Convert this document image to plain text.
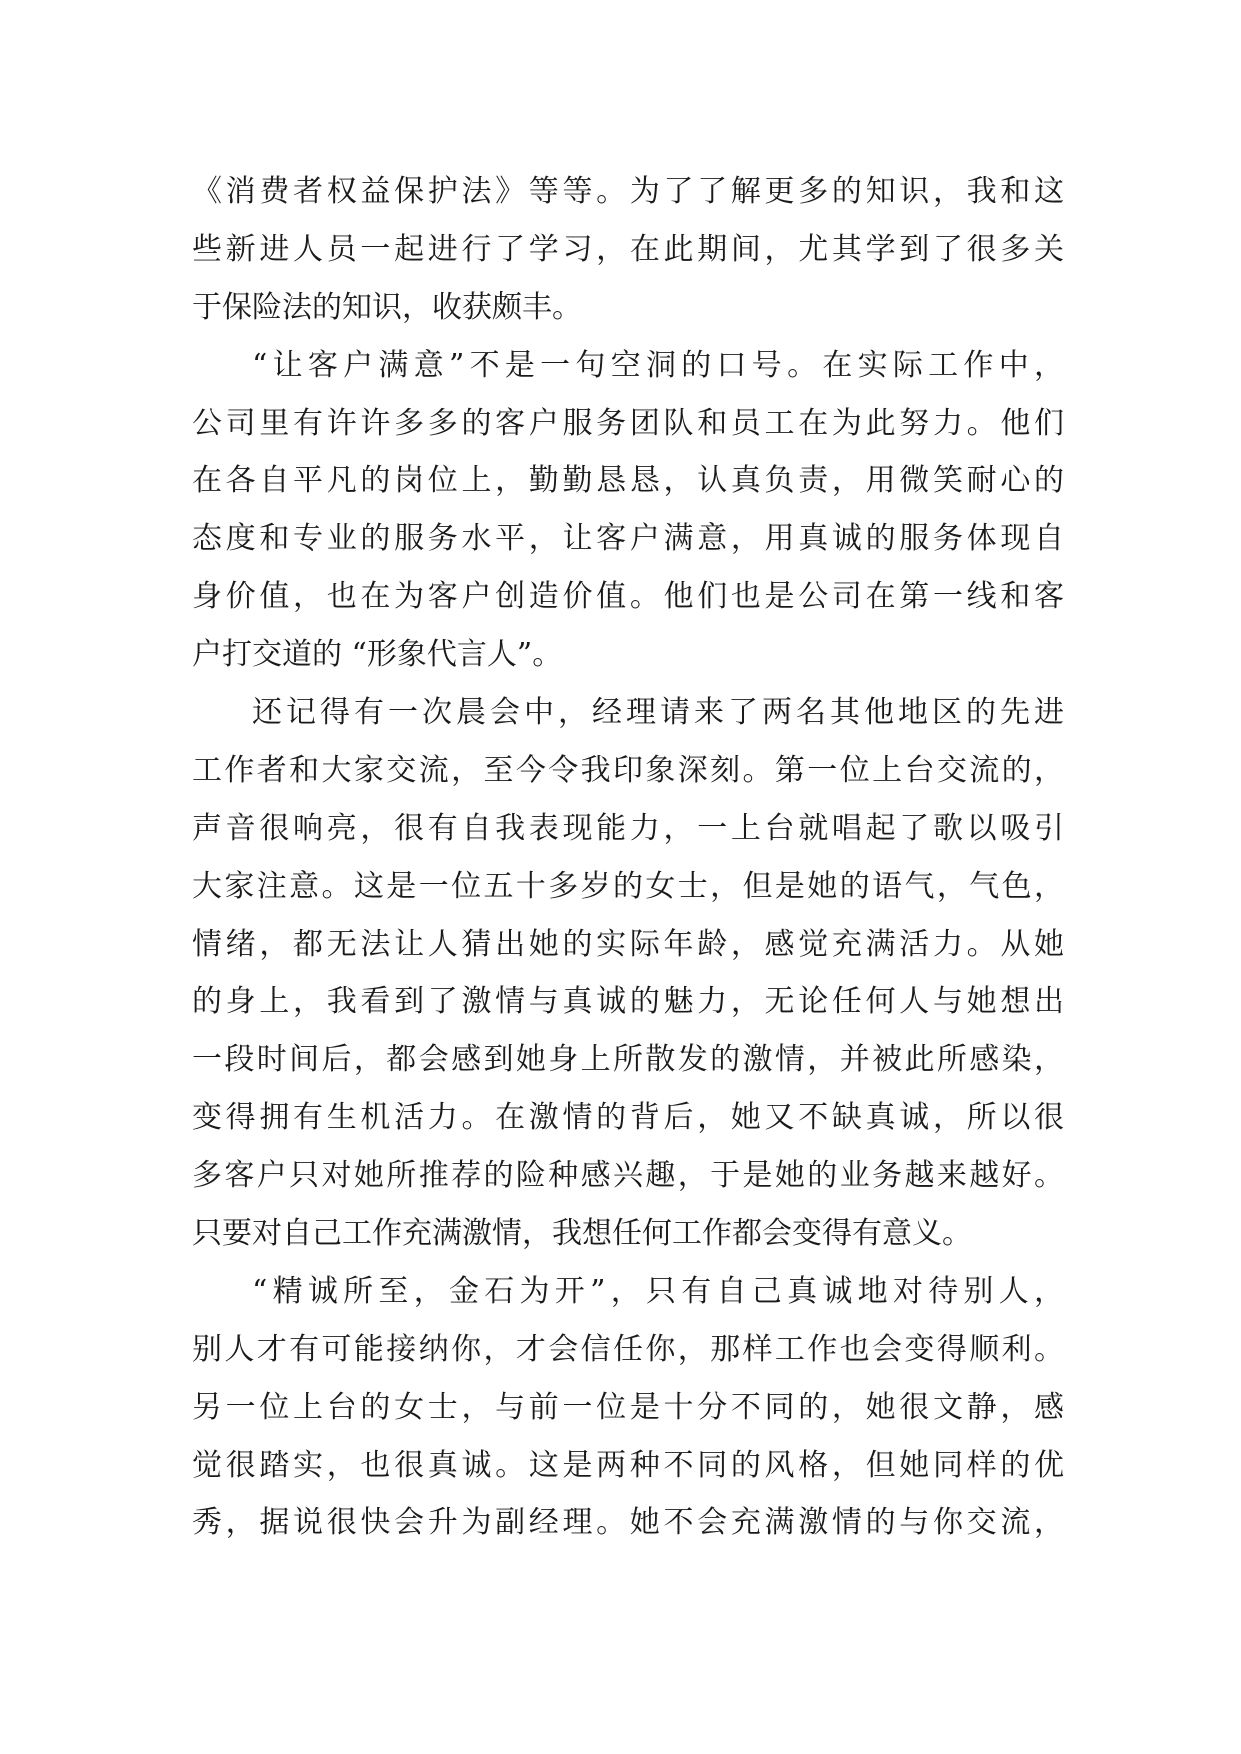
《消费者权益保护法》等等。为了了解更多的知识，我和这
些新进人员一起进行了学习，在此期间，尤其学到了很多关
于保险法的知识，收获颇丰。
“让客户满意”不是一句空洞的口号。在实际工作中，
公司里有许许多多的客户服务团队和员工在为此努力。他们
在各自平凡的岗位上，勤勤恳恳，认真负责，用微笑耐心的
态度和专业的服务水平，让客户满意，用真诚的服务体现自
身价值，也在为客户创造价值。他们也是公司在第一线和客
户打交道的 “形象代言人”。
还记得有一次晨会中，经理请来了两名其他地区的先进
工作者和大家交流，至今令我印象深刻。第一位上台交流的，
声音很响亮，很有自我表现能力，一上台就唱起了歌以吸引
大家注意。这是一位五十多岁的女士，但是她的语气，气色，
情绪，都无法让人猜出她的实际年龄，感觉充满活力。从她
的身上，我看到了激情与真诚的魅力，无论任何人与她想出
一段时间后，都会感到她身上所散发的激情，并被此所感染，
变得拥有生机活力。在激情的背后，她又不缺真诚，所以很
多客户只对她所推荐的险种感兴趣，于是她的业务越来越好。
只要对自己工作充满激情，我想任何工作都会变得有意义。
“精诚所至，金石为开”，只有自己真诚地对待别人，
别人才有可能接纳你，才会信任你，那样工作也会变得顺利。
另一位上台的女士，与前一位是十分不同的，她很文静，感
觉很踏实，也很真诚。这是两种不同的风格，但她同样的优
秀，据说很快会升为副经理。她不会充满激情的与你交流，
